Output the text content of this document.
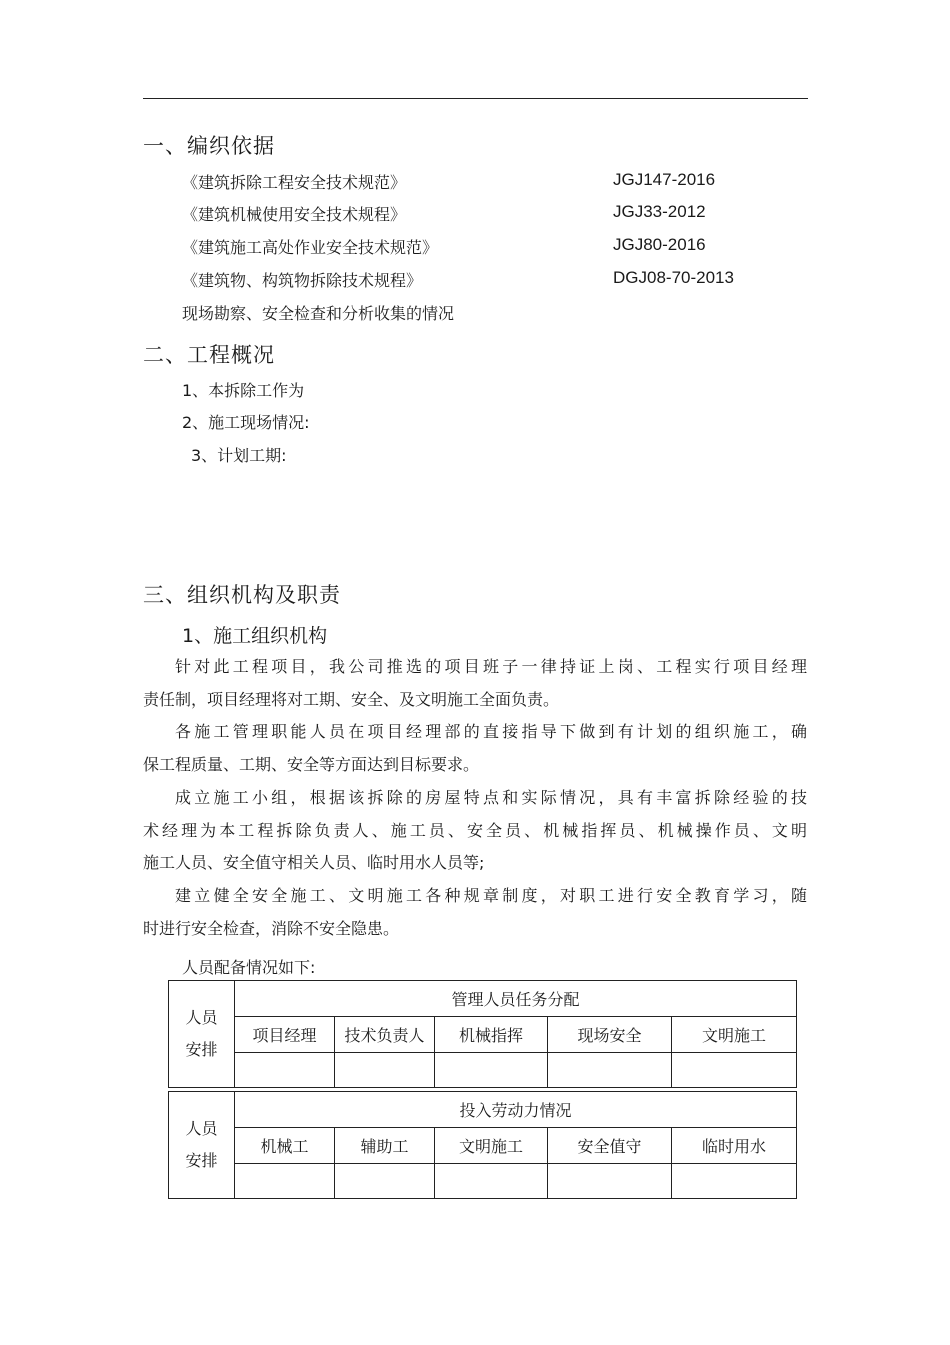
一、编织依据
《建筑拆除工程安全技术规范》	JGJ147-2016
《建筑机械使用安全技术规程》	JGJ33-2012
《建筑施工高处作业安全技术规范》	JGJ80-2016
《建筑物、构筑物拆除技术规程》	DGJ08-70-2013
现场勘察、安全检查和分析收集的情况
二、工程概况
1、本拆除工作为
2、施工现场情况:
3、计划工期:
三、组织机构及职责
1、施工组织机构

针对此工程项目，我公司推选的项目班子一律持证上岗、工程实行项目经理

责任制，项目经理将对工期、安全、及文明施工全面负责。

各施工管理职能人员在项目经理部的直接指导下做到有计划的组织施工，确

保工程质量、工期、安全等方面达到目标要求。

成立施工小组，根据该拆除的房屋特点和实际情况，具有丰富拆除经验的技

术经理为本工程拆除负责人、施工员、安全员、机械指挥员、机械操作员、文明

施工人员、安全值守相关人员、临时用水人员等;

建立健全安全施工、文明施工各种规章制度，对职工进行安全教育学习，随

时进行安全检查，消除不安全隐患。

人员配备情况如下:
人员
安排	管理人员任务分配				
	项目经理	技术负责人	机械指挥	现场安全	文明施工

人员
安排	投入劳动力情况				
	机械工	辅助工	文明施工	安全值守	临时用水
